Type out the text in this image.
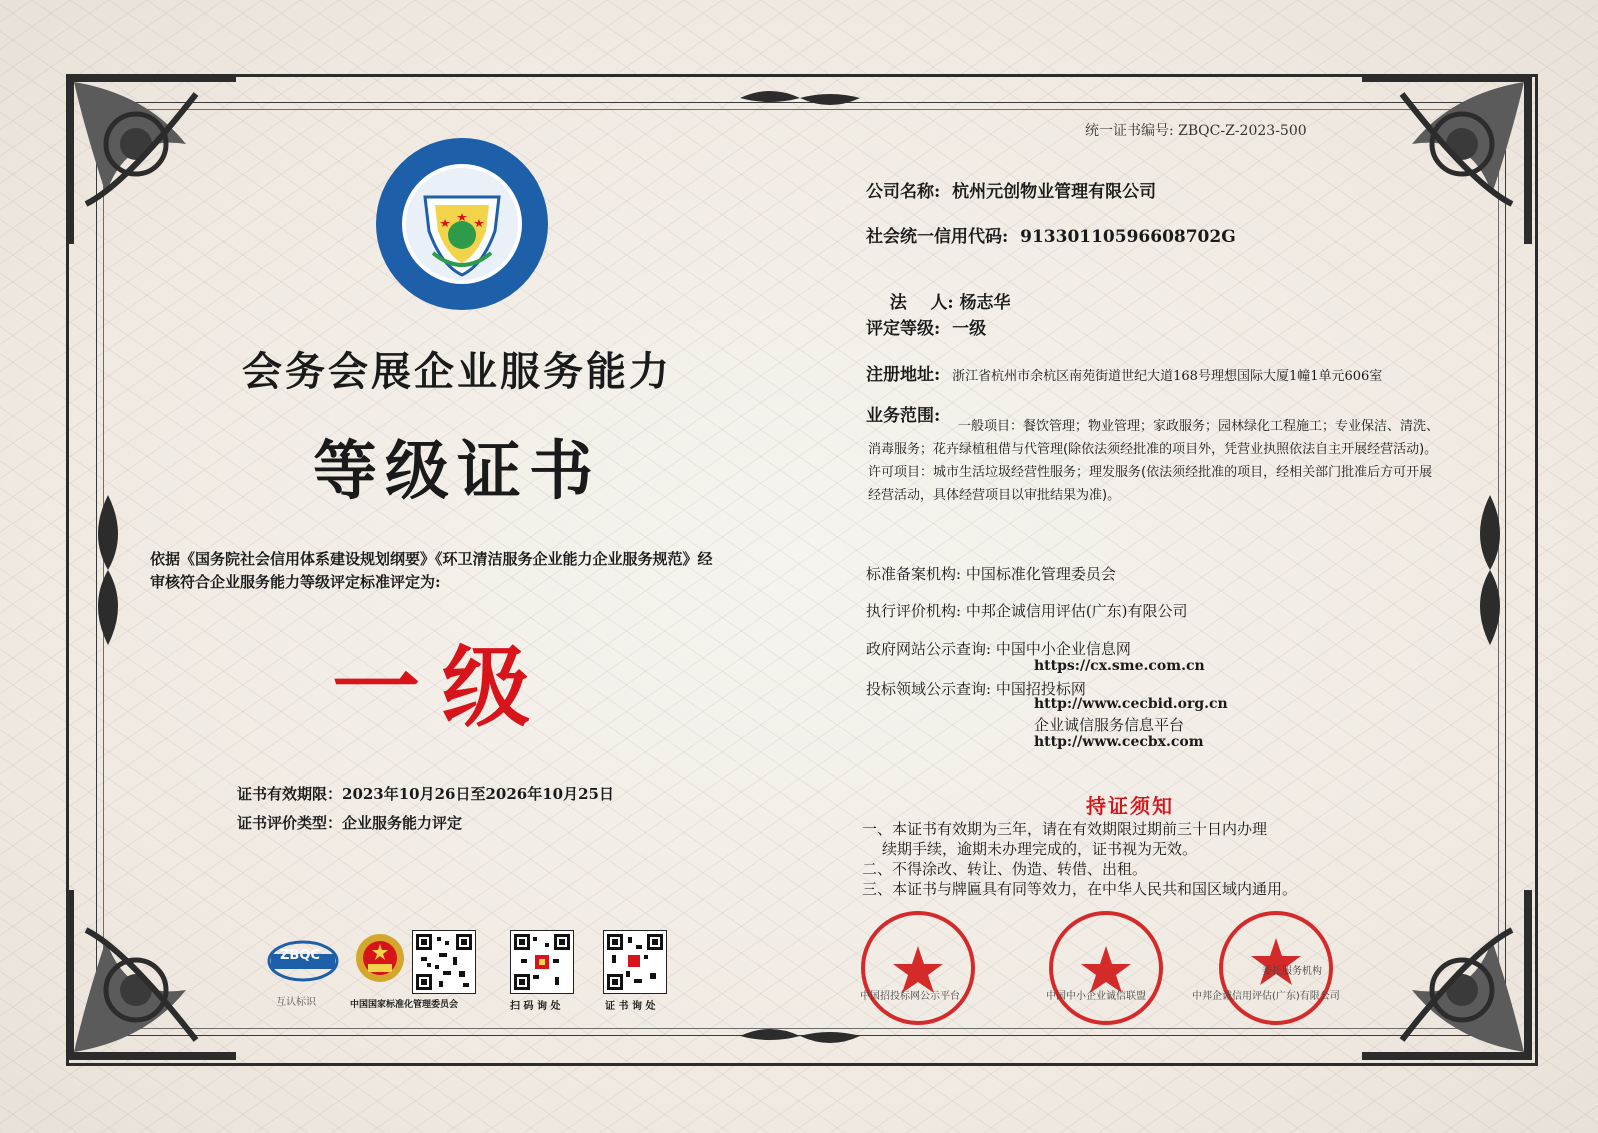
统一证书编号: ZBQC-Z-2023-500
会务会展企业服务能力
等级证书
依据《国务院社会信用体系建设规划纲要》《环卫清洁服务企业能力企业服务规范》经审核符合企业服务能力等级评定标准评定为:
一级
证书有效期限：2023年10月26日至2026年10月25日
证书评价类型：企业服务能力评定
公司名称: 杭州元创物业管理有限公司
社会统一信用代码: 91330110596608702G

法    人: 杨志华

评定等级: 一级
注册地址: 浙江省杭州市余杭区南苑街道世纪大道168号理想国际大厦1幢1单元606室
业务范围:
一般项目：餐饮管理；物业管理；家政服务；园林绿化工程施工；专业保洁、清洗、消毒服务；花卉绿植租借与代管理(除依法须经批准的项目外，凭营业执照依法自主开展经营活动)。许可项目：城市生活垃圾经营性服务；理发服务(依法须经批准的项目，经相关部门批准后方可开展经营活动，具体经营项目以审批结果为准)。
标准备案机构: 中国标准化管理委员会
执行评价机构: 中邦企诚信用评估(广东)有限公司
政府网站公示查询: 中国中小企业信息网
https://cx.sme.com.cn
投标领域公示查询: 中国招投标网
http://www.cecbid.org.cn
企业诚信服务信息平台
http://www.cecbx.com
持证须知
一、本证书有效期为三年，请在有效期限过期前三十日内办理
续期手续，逾期未办理完成的，证书视为无效。
二、不得涂改、转让、伪造、转借、出租。
三、本证书与牌匾具有同等效力，在中华人民共和国区域内通用。
中国招投标网公示平台	中国中小企业诚信联盟
委托服务机构
中邦企诚信用评估(广东)有限公司
ZBQC
互认标识	中国国家标准化管理委员会	扫 码 询 处	证 书 询 处
